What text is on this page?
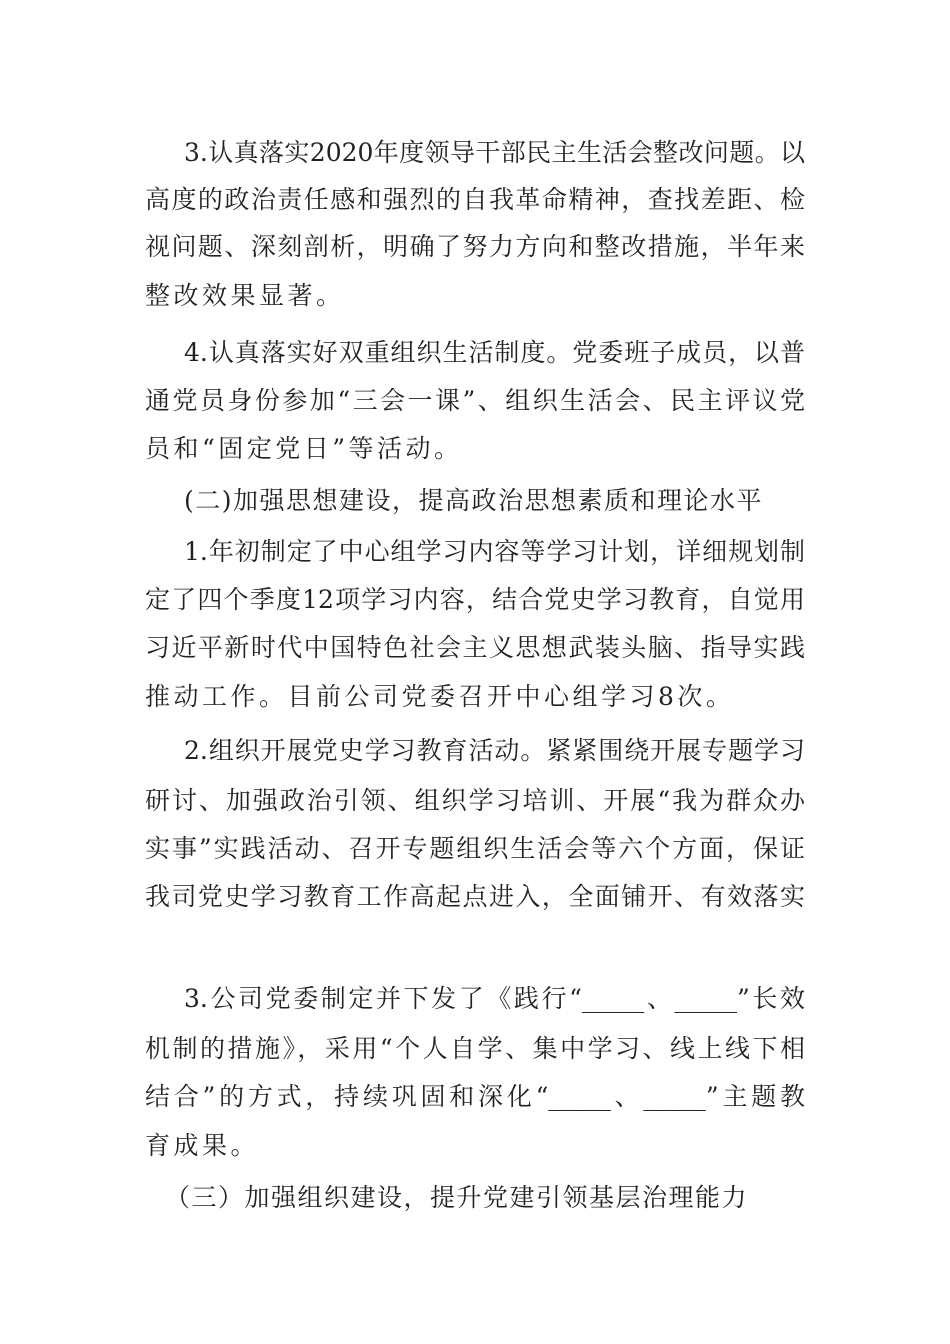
3.认真落实2020年度领导干部民主生活会整改问题。以
高度的政治责任感和强烈的自我革命精神，查找差距、检
视问题、深刻剖析，明确了努力方向和整改措施，半年来
整改效果显著。
4.认真落实好双重组织生活制度。党委班子成员，以普
通党员身份参加“三会一课”、组织生活会、民主评议党
员和“固定党日”等活动。
(二)加强思想建设，提高政治思想素质和理论水平
1.年初制定了中心组学习内容等学习计划，详细规划制
定了四个季度12项学习内容，结合党史学习教育，自觉用
习近平新时代中国特色社会主义思想武装头脑、指导实践
推动工作。目前公司党委召开中心组学习8次。
2.组织开展党史学习教育活动。紧紧围绕开展专题学习
研讨、加强政治引领、组织学习培训、开展“我为群众办
实事”实践活动、召开专题组织生活会等六个方面，保证
我司党史学习教育工作高起点进入，全面铺开、有效落实
3.公司党委制定并下发了《践行“_____、_____”长效
机制的措施》，采用“个人自学、集中学习、线上线下相
结合”的方式，持续巩固和深化“_____、_____”主题教
育成果。
（三）加强组织建设，提升党建引领基层治理能力
